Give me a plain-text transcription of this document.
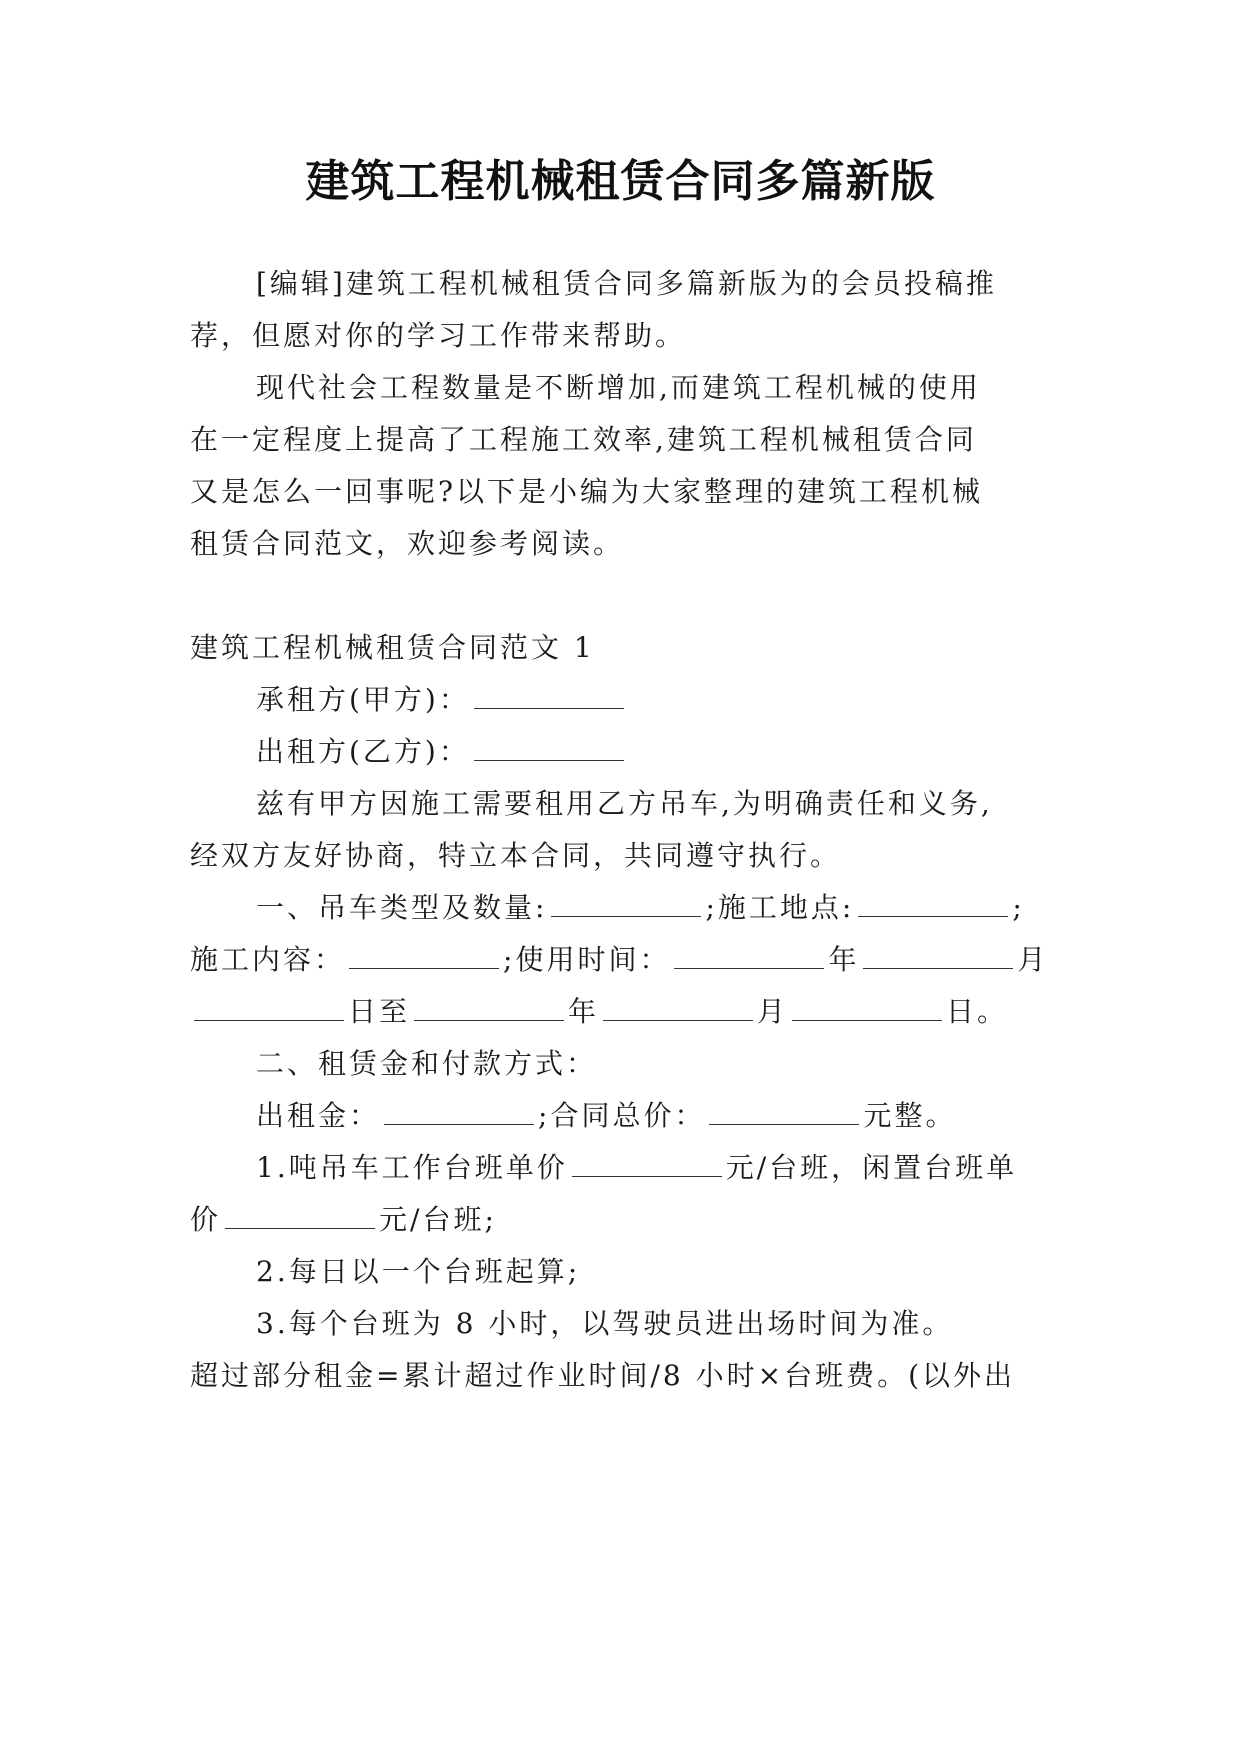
建筑工程机械租赁合同多篇新版

[编辑]建筑工程机械租赁合同多篇新版为的会员投稿推

荐，但愿对你的学习工作带来帮助。

现代社会工程数量是不断增加,而建筑工程机械的使用

在一定程度上提高了工程施工效率,建筑工程机械租赁合同

又是怎么一回事呢?以下是小编为大家整理的建筑工程机械

租赁合同范文，欢迎参考阅读。

建筑工程机械租赁合同范文 1

承租方(甲方)：

出租方(乙方)：

兹有甲方因施工需要租用乙方吊车,为明确责任和义务,

经双方友好协商，特立本合同，共同遵守执行。

一、吊车类型及数量:	;施工地点:	;

施工内容：	;使用时间：	年	月

日至	年	月	日。

二、租赁金和付款方式：

出租金：	;合同总价：	元整。

1.吨吊车工作台班单价	元/台班，闲置台班单

价	元/台班;

2.每日以一个台班起算;

3.每个台班为 8 小时，以驾驶员进出场时间为准。

超过部分租金=累计超过作业时间/8 小时×台班费。(以外出
